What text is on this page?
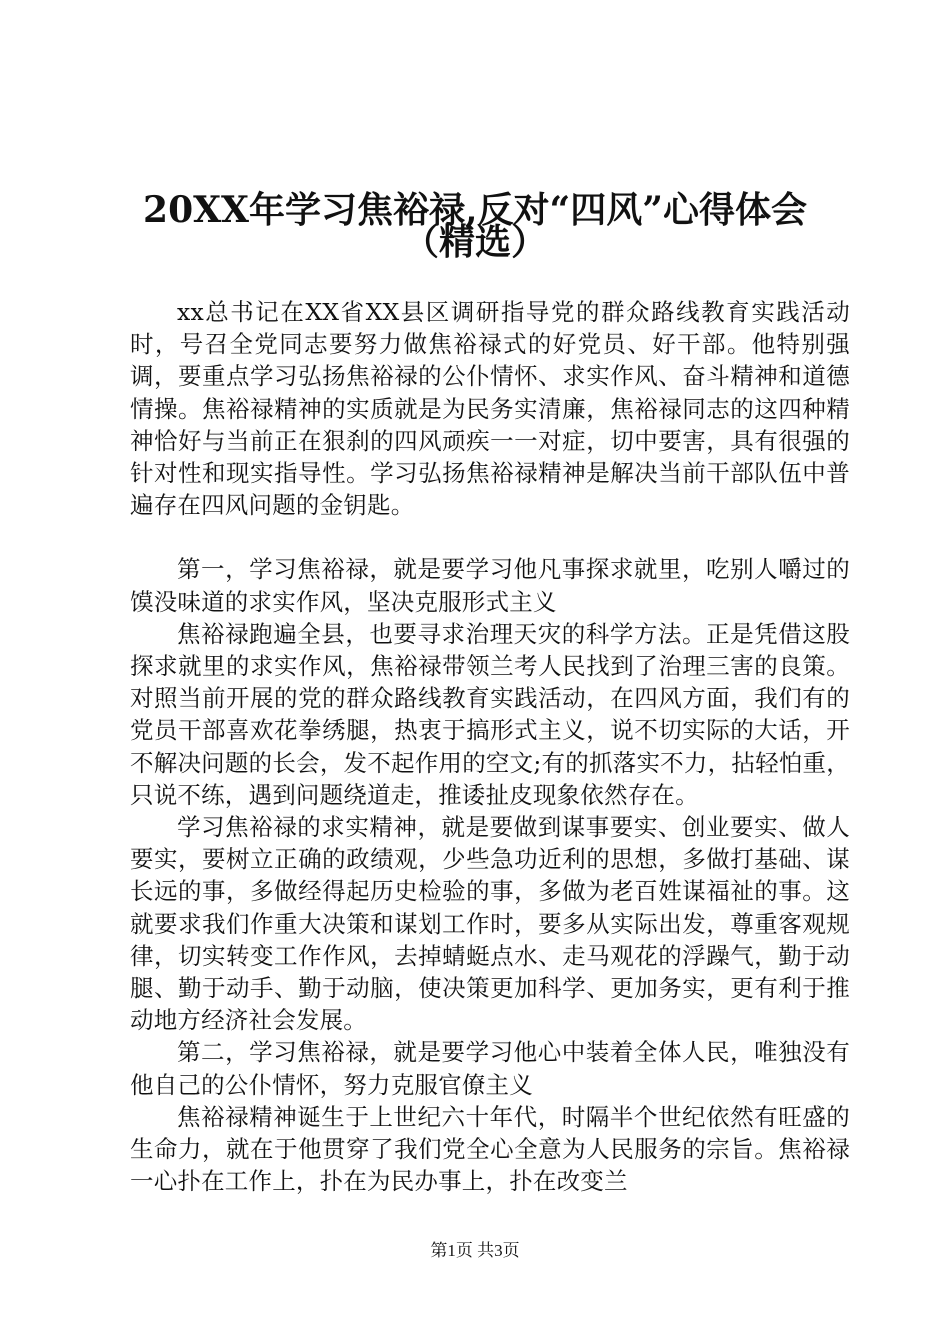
20XX年学习焦裕禄,反对“四风”心得体会
（精选）

xx总书记在XX省XX县区调研指导党的群众路线教育实践活动时，号召全党同志要努力做焦裕禄式的好党员、好干部。他特别强调，要重点学习弘扬焦裕禄的公仆情怀、求实作风、奋斗精神和道德情操。焦裕禄精神的实质就是为民务实清廉，焦裕禄同志的这四种精神恰好与当前正在狠刹的四风顽疾一一对症，切中要害，具有很强的针对性和现实指导性。学习弘扬焦裕禄精神是解决当前干部队伍中普遍存在四风问题的金钥匙。

第一，学习焦裕禄，就是要学习他凡事探求就里，吃别人嚼过的馍没味道的求实作风，坚决克服形式主义

焦裕禄跑遍全县，也要寻求治理天灾的科学方法。正是凭借这股探求就里的求实作风，焦裕禄带领兰考人民找到了治理三害的良策。对照当前开展的党的群众路线教育实践活动，在四风方面，我们有的党员干部喜欢花拳绣腿，热衷于搞形式主义，说不切实际的大话，开不解决问题的长会，发不起作用的空文;有的抓落实不力，拈轻怕重，只说不练，遇到问题绕道走，推诿扯皮现象依然存在。

学习焦裕禄的求实精神，就是要做到谋事要实、创业要实、做人要实，要树立正确的政绩观，少些急功近利的思想，多做打基础、谋长远的事，多做经得起历史检验的事，多做为老百姓谋福祉的事。这就要求我们作重大决策和谋划工作时，要多从实际出发，尊重客观规律，切实转变工作作风，去掉蜻蜓点水、走马观花的浮躁气，勤于动腿、勤于动手、勤于动脑，使决策更加科学、更加务实，更有利于推动地方经济社会发展。

第二，学习焦裕禄，就是要学习他心中装着全体人民，唯独没有他自己的公仆情怀，努力克服官僚主义

焦裕禄精神诞生于上世纪六十年代，时隔半个世纪依然有旺盛的生命力，就在于他贯穿了我们党全心全意为人民服务的宗旨。焦裕禄一心扑在工作上，扑在为民办事上，扑在改变兰

第1页 共3页
